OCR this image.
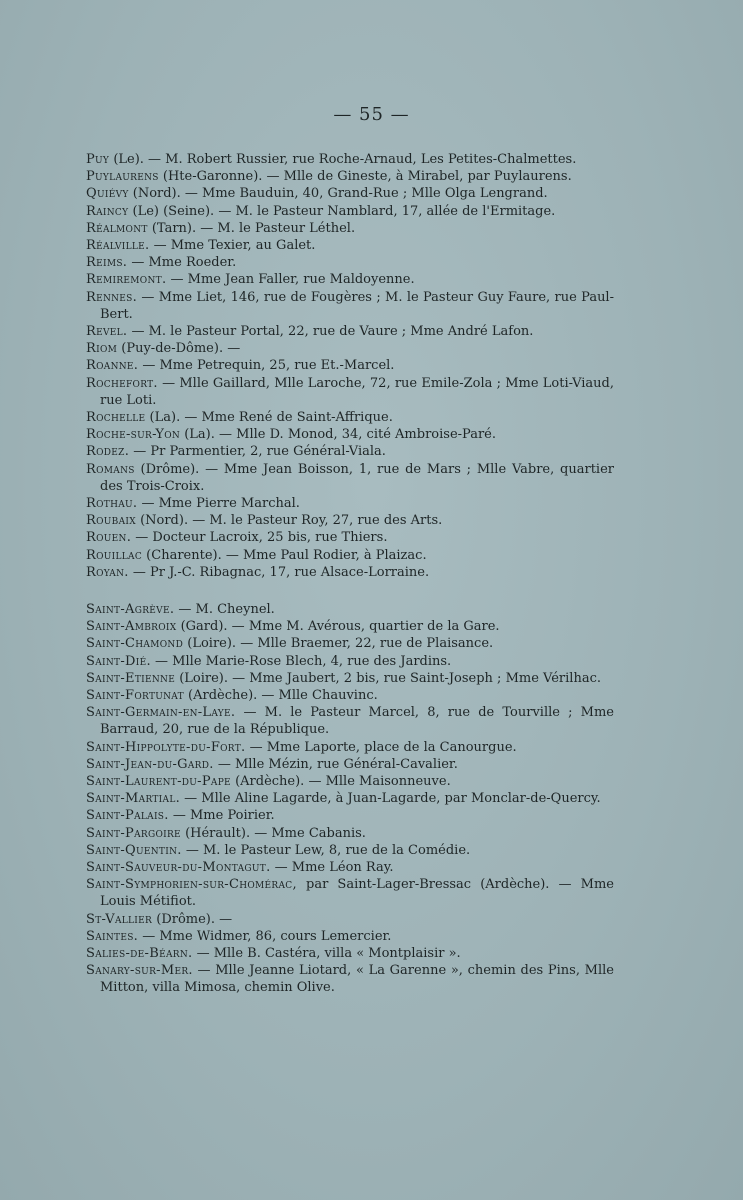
— 55 —
Puy (Le). — M. Robert Russier, rue Roche-Arnaud, Les Petites-Chalmettes.
Puylaurens (Hte-Garonne). — Mlle de Gineste, à Mirabel, par Puylaurens.
Quiévy (Nord). — Mme Bauduin, 40, Grand-Rue ; Mlle Olga Lengrand.
Raincy (Le) (Seine). — M. le Pasteur Namblard, 17, allée de l'Ermitage.
Réalmont (Tarn). — M. le Pasteur Léthel.
Réalville. — Mme Texier, au Galet.
Reims. — Mme Roeder.
Remiremont. — Mme Jean Faller, rue Maldoyenne.
Rennes. — Mme Liet, 146, rue de Fougères ; M. le Pasteur Guy Faure, rue Paul-Bert.
Revel. — M. le Pasteur Portal, 22, rue de Vaure ; Mme André Lafon.
Riom (Puy-de-Dôme). —
Roanne. — Mme Petrequin, 25, rue Et.-Marcel.
Rochefort. — Mlle Gaillard, Mlle Laroche, 72, rue Emile-Zola ; Mme Loti-Viaud, rue Loti.
Rochelle (La). — Mme René de Saint-Affrique.
Roche-sur-Yon (La). — Mlle D. Monod, 34, cité Ambroise-Paré.
Rodez. — Pr Parmentier, 2, rue Général-Viala.
Romans (Drôme). — Mme Jean Boisson, 1, rue de Mars ; Mlle Vabre, quartier des Trois-Croix.
Rothau. — Mme Pierre Marchal.
Roubaix (Nord). — M. le Pasteur Roy, 27, rue des Arts.
Rouen. — Docteur Lacroix, 25 bis, rue Thiers.
Rouillac (Charente). — Mme Paul Rodier, à Plaizac.
Royan. — Pr J.-C. Ribagnac, 17, rue Alsace-Lorraine.
Saint-Agrève. — M. Cheynel.
Saint-Ambroix (Gard). — Mme M. Avérous, quartier de la Gare.
Saint-Chamond (Loire). — Mlle Braemer, 22, rue de Plaisance.
Saint-Dié. — Mlle Marie-Rose Blech, 4, rue des Jardins.
Saint-Etienne (Loire). — Mme Jaubert, 2 bis, rue Saint-Joseph ; Mme Vérilhac.
Saint-Fortunat (Ardèche). — Mlle Chauvinc.
Saint-Germain-en-Laye. — M. le Pasteur Marcel, 8, rue de Tourville ; Mme Barraud, 20, rue de la République.
Saint-Hippolyte-du-Fort. — Mme Laporte, place de la Canourgue.
Saint-Jean-du-Gard. — Mlle Mézin, rue Général-Cavalier.
Saint-Laurent-du-Pape (Ardèche). — Mlle Maisonneuve.
Saint-Martial. — Mlle Aline Lagarde, à Juan-Lagarde, par Monclar-de-Quercy.
Saint-Palais. — Mme Poirier.
Saint-Pargoire (Hérault). — Mme Cabanis.
Saint-Quentin. — M. le Pasteur Lew, 8, rue de la Comédie.
Saint-Sauveur-du-Montagut. — Mme Léon Ray.
Saint-Symphorien-sur-Chomérac, par Saint-Lager-Bressac (Ardèche). — Mme Louis Métifiot.
St-Vallier (Drôme). —
Saintes. — Mme Widmer, 86, cours Lemercier.
Salies-de-Béarn. — Mlle B. Castéra, villa « Montplaisir ».
Sanary-sur-Mer. — Mlle Jeanne Liotard, « La Garenne », chemin des Pins, Mlle Mitton, villa Mimosa, chemin Olive.
